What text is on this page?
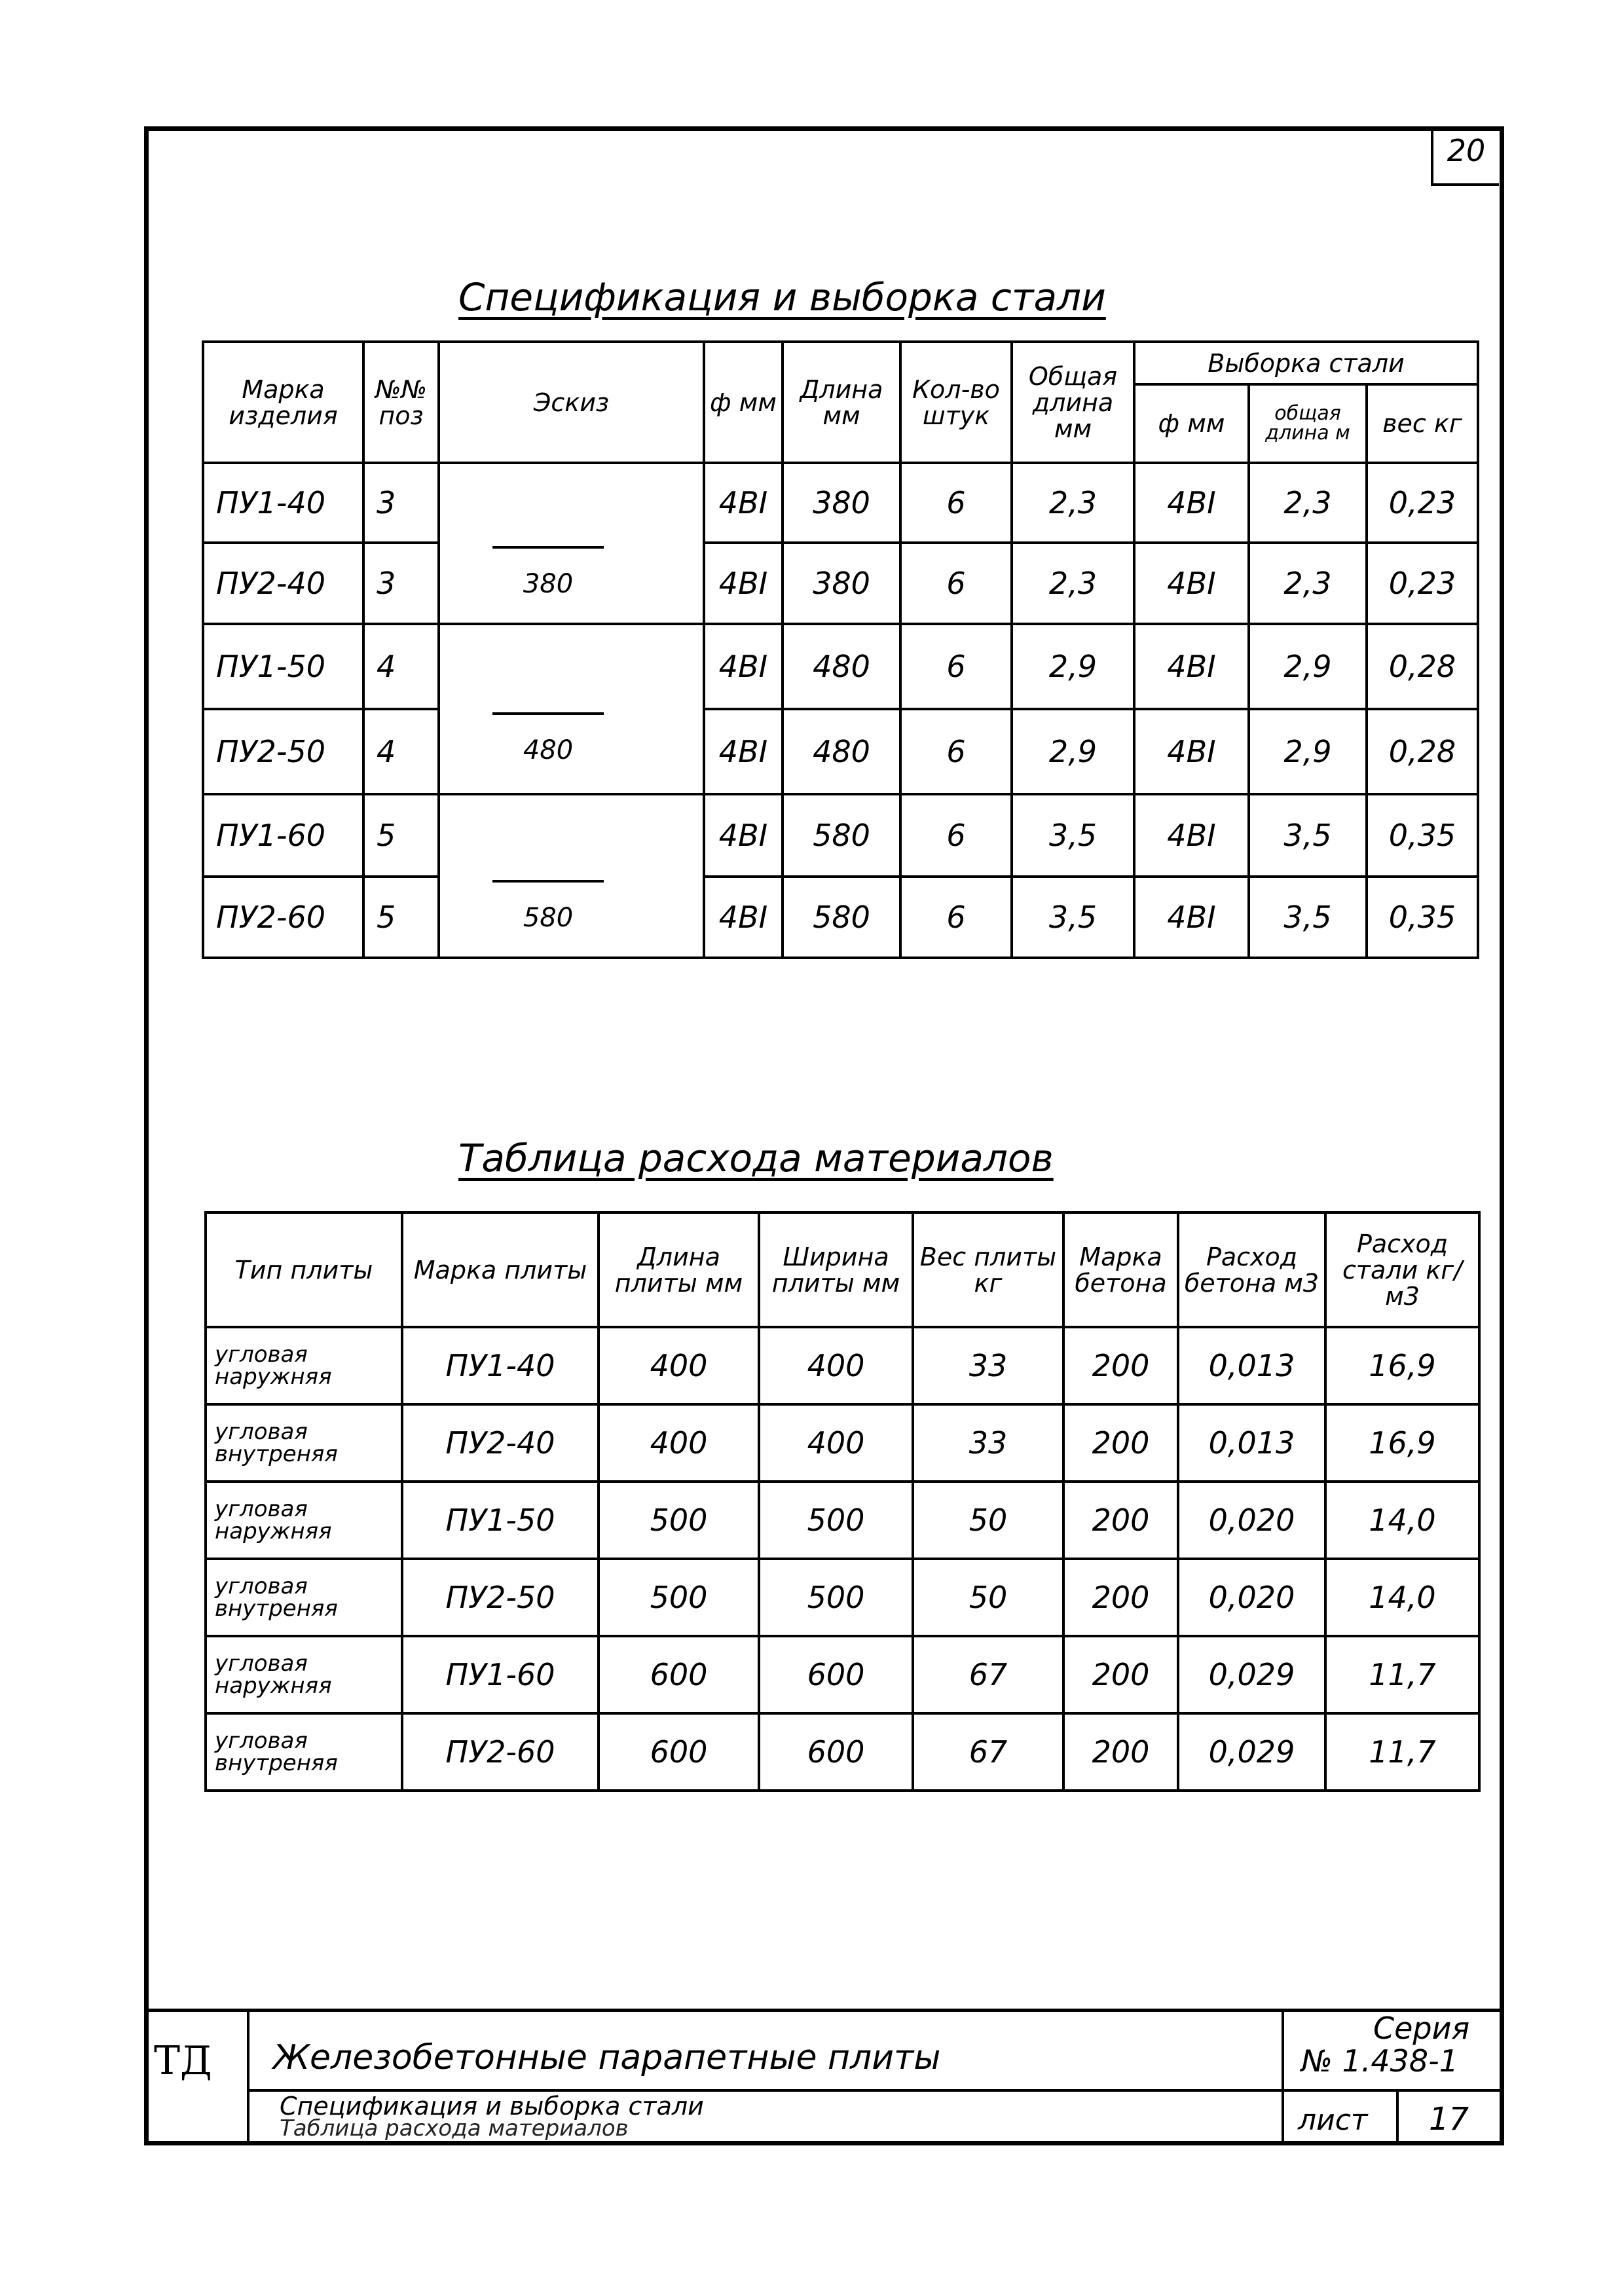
20
Спецификация и выборка стали
Марка изделия	№№ поз	Эскиз	ф мм	Длина мм	Кол-во штук	Общая длина мм	Выборка стали		
							ф мм	общая длина м	вес кг
ПУ1-40	3	380	4ВI	380	6	2,3	4ВI	2,3	0,23
ПУ2-40	3		4ВI	380	6	2,3	4ВI	2,3	0,23
ПУ1-50	4	480	4ВI	480	6	2,9	4ВI	2,9	0,28
ПУ2-50	4		4ВI	480	6	2,9	4ВI	2,9	0,28
ПУ1-60	5	580	4ВI	580	6	3,5	4ВI	3,5	0,35
ПУ2-60	5		4ВI	580	6	3,5	4ВI	3,5	0,35
Таблица расхода материалов
Тип плиты	Марка плиты	Длина плиты мм	Ширина плиты мм	Вес плиты кг	Марка бетона	Расход бетона м3	Расход стали кг/м3
угловая наружняя	ПУ1-40	400	400	33	200	0,013	16,9
угловая внутреняя	ПУ2-40	400	400	33	200	0,013	16,9
угловая наружняя	ПУ1-50	500	500	50	200	0,020	14,0
угловая внутреняя	ПУ2-50	500	500	50	200	0,020	14,0
угловая наружняя	ПУ1-60	600	600	67	200	0,029	11,7
угловая внутреняя	ПУ2-60	600	600	67	200	0,029	11,7
ТД Железобетонные парапетные плиты
Спецификация и выборка стали
Таблица расхода материалов
Серия
№ 1.438-1
лист 17
